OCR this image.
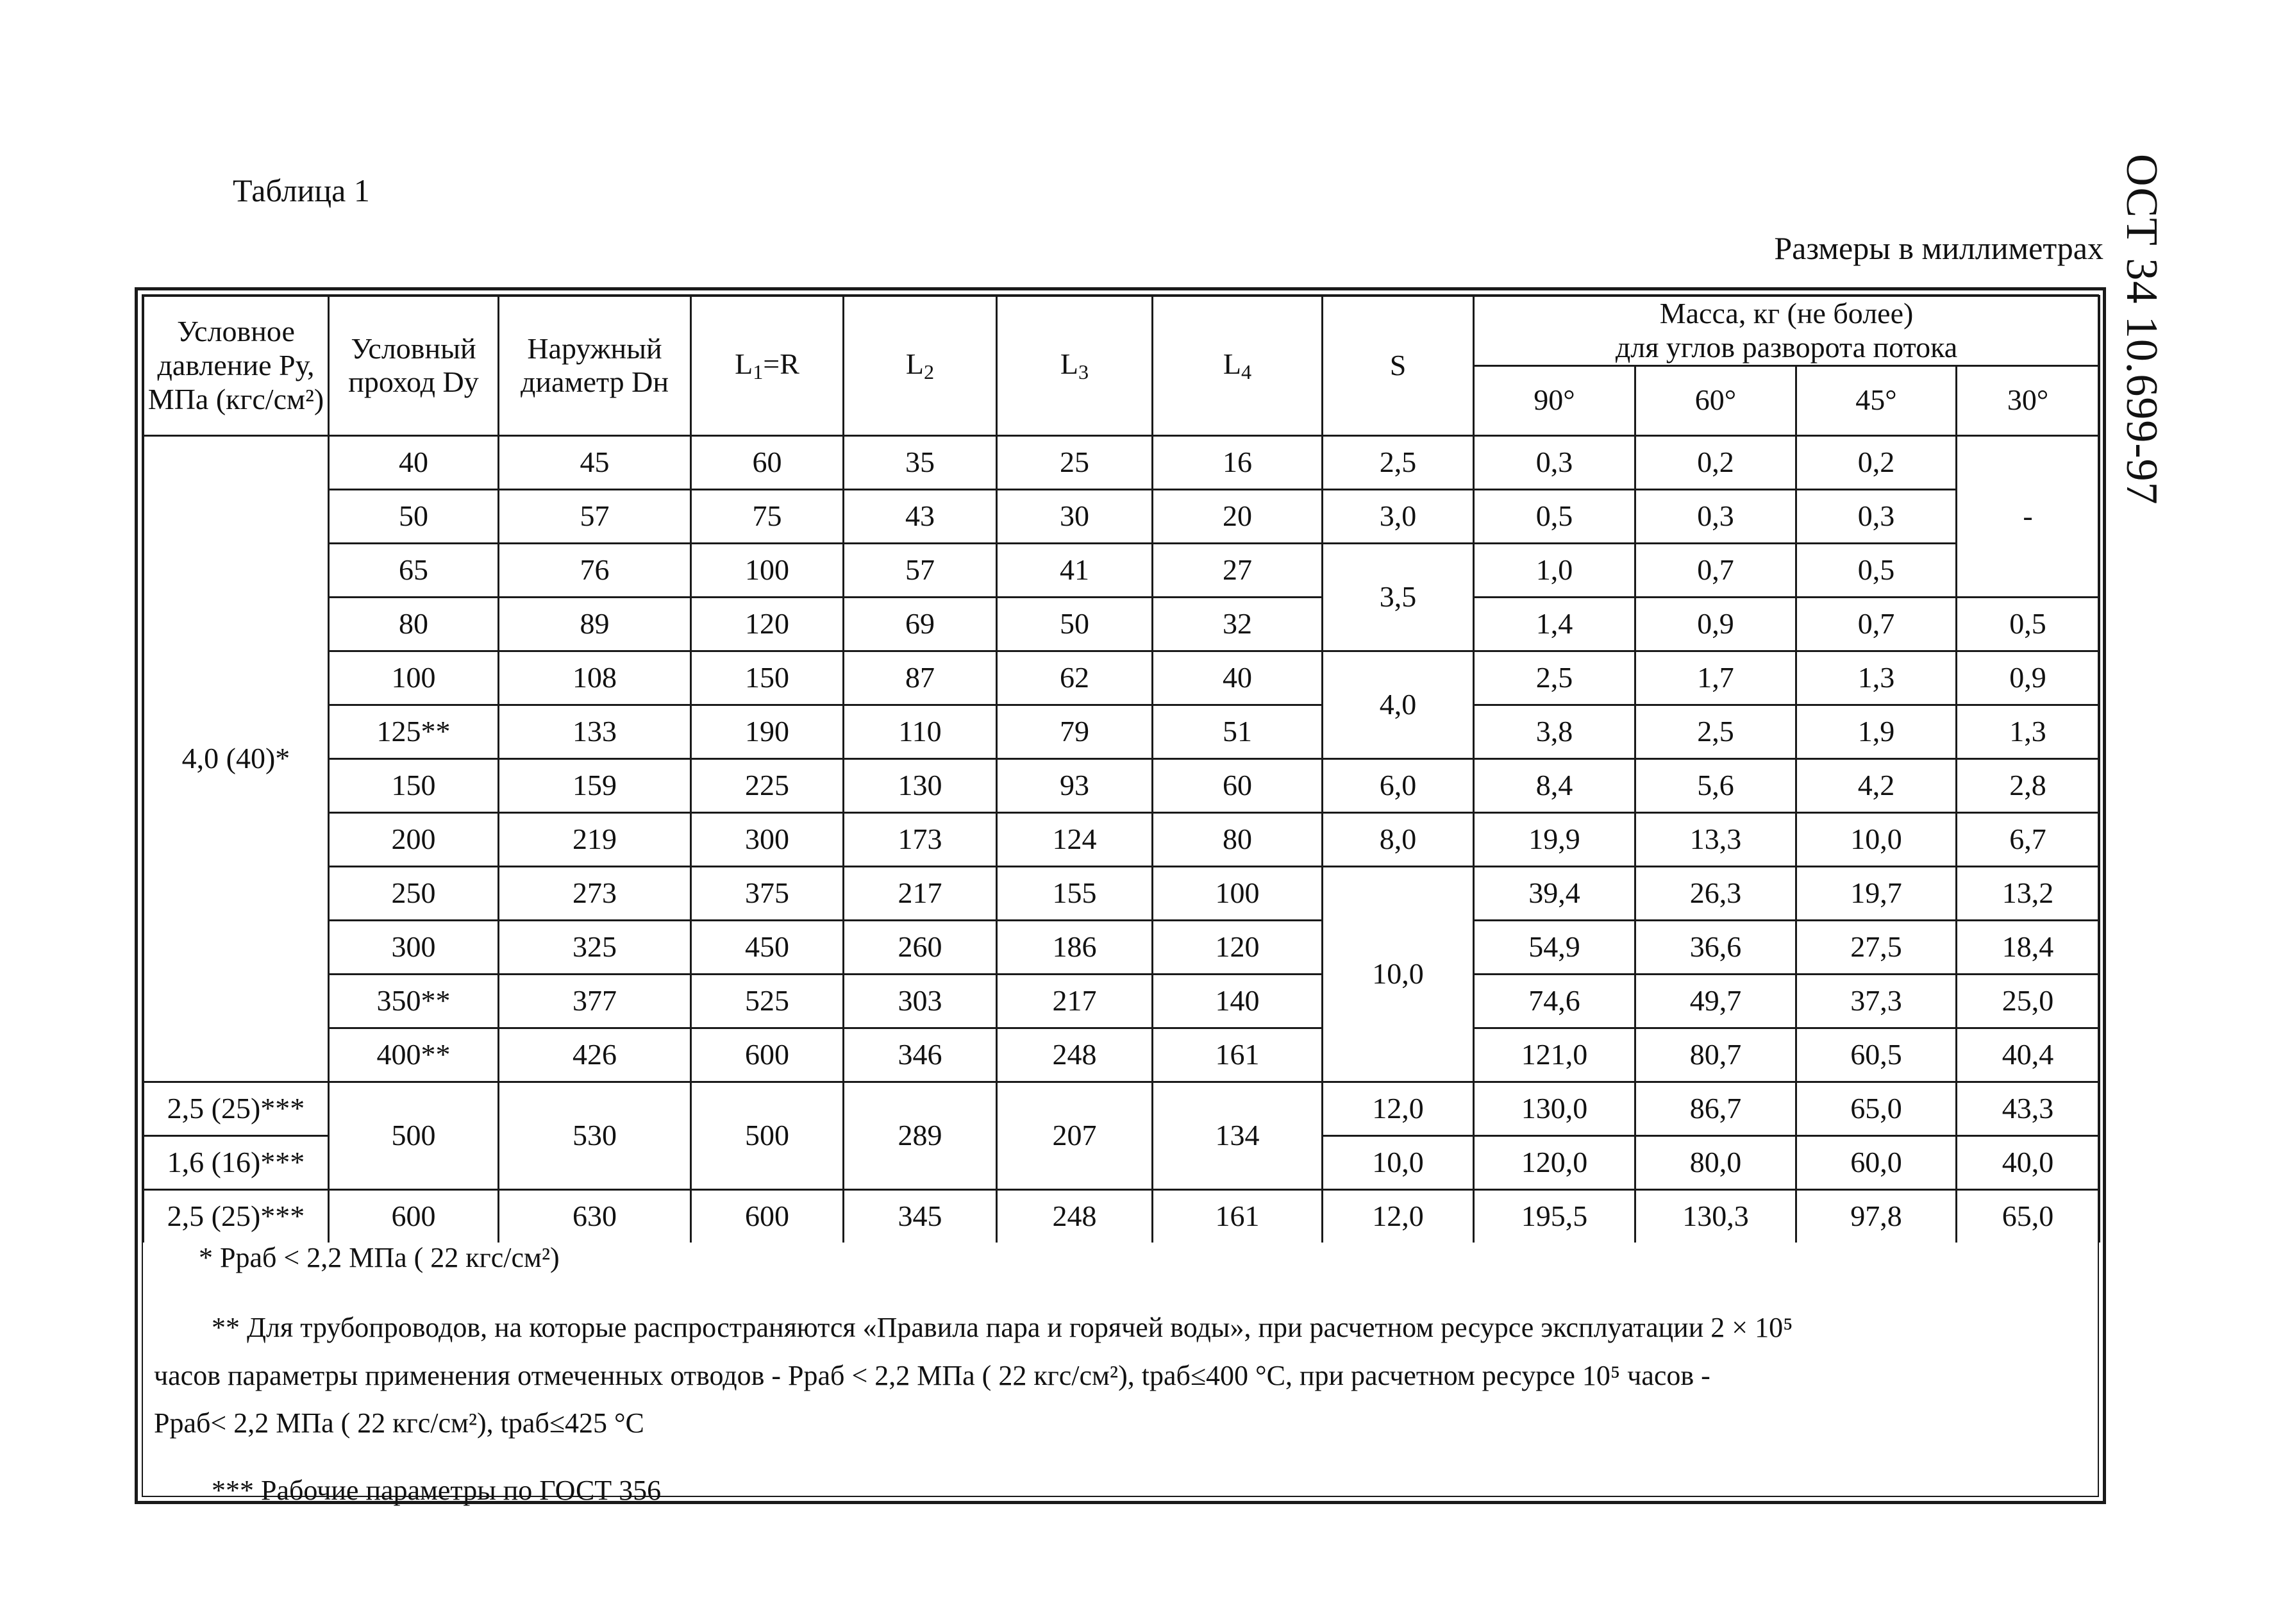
Таблица 1
Размеры в миллиметрах ОСТ 34 10.699-97
Условное давление Ру, МПа (кгс/см²)	Условный проход Dу	Наружный диаметр Dн	$L_1=R$	$L_2$	$L_3$	$L_4$	S	Масса, кг (не более)
для углов разворота потока			

								90°	60°	45°	30°
4,0 (40)*	40	45	60	35	25	16	2,5	0,3	0,2	0,2	-
	50	57	75	43	30	20	3,0	0,5	0,3	0,3	
	65	76	100	57	41	27	3,5	1,0	0,7	0,5	
	80	89	120	69	50	32		1,4	0,9	0,7	0,5
	100	108	150	87	62	40	4,0	2,5	1,7	1,3	0,9
	125**	133	190	110	79	51		3,8	2,5	1,9	1,3
	150	159	225	130	93	60	6,0	8,4	5,6	4,2	2,8
	200	219	300	173	124	80	8,0	19,9	13,3	10,0	6,7
	250	273	375	217	155	100	10,0	39,4	26,3	19,7	13,2
	300	325	450	260	186	120		54,9	36,6	27,5	18,4
	350**	377	525	303	217	140		74,6	49,7	37,3	25,0
	400**	426	600	346	248	161		121,0	80,7	60,5	40,4
2,5 (25)***	500	530	500	289	207	134	12,0	130,0	86,7	65,0	43,3
1,6 (16)***							10,0	120,0	80,0	60,0	40,0
2,5 (25)***	600	630	600	345	248	161	12,0	195,5	130,3	97,8	65,0

* Рраб < 2,2 МПа ( 22 кгс/см²)

** Для трубопроводов, на которые распространяются «Правила пара и горячей воды», при расчетном ресурсе эксплуатации 2 × 10⁵

часов параметры применения отмеченных отводов - Рраб < 2,2 МПа ( 22 кгс/см²), tраб≤400 °C, при расчетном ресурсе 10⁵ часов -

Рраб< 2,2 МПа ( 22 кгс/см²), tраб≤425 °C

*** Рабочие параметры по ГОСТ 356
